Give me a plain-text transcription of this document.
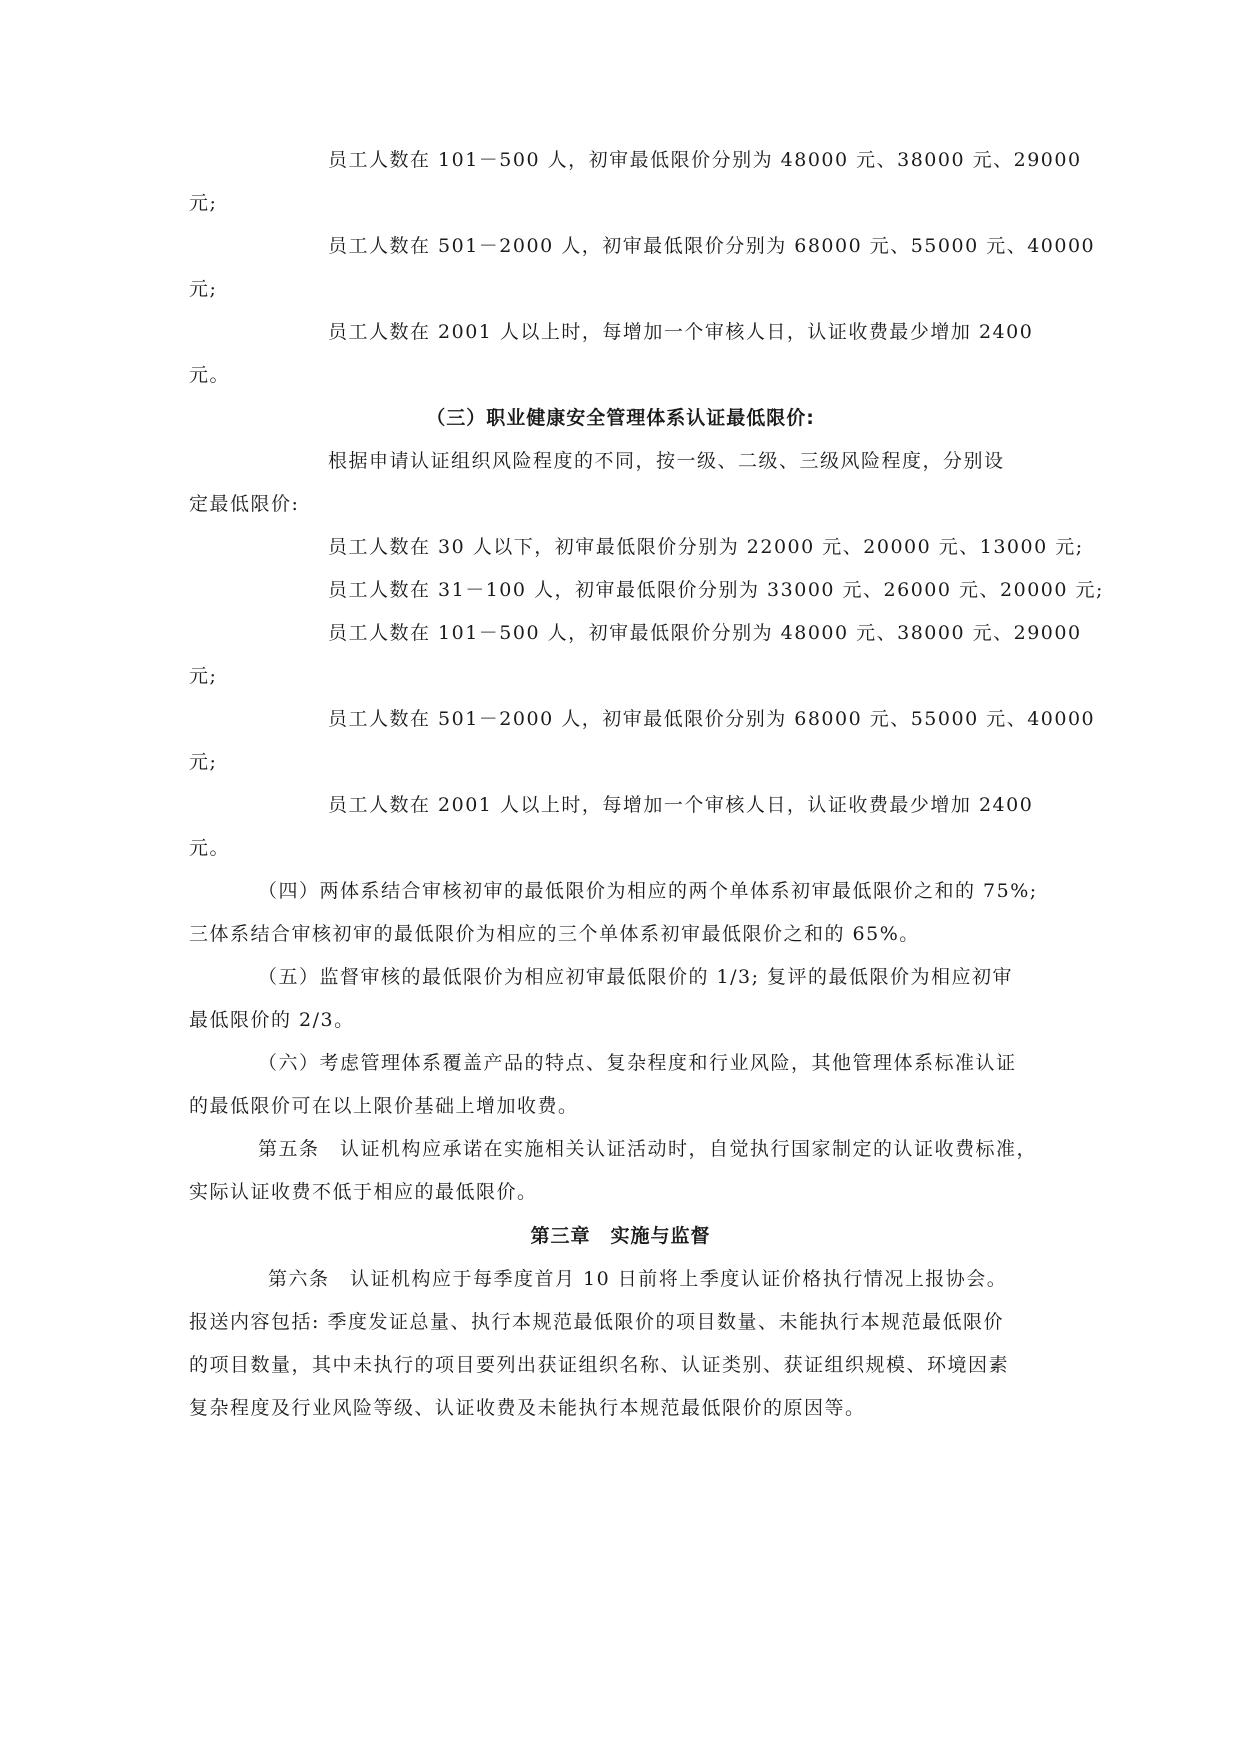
员工人数在 101－500 人，初审最低限价分别为 48000 元、38000 元、29000
元;
员工人数在 501－2000 人，初审最低限价分别为 68000 元、55000 元、40000
元;
员工人数在 2001 人以上时，每增加一个审核人日，认证收费最少增加 2400
元。
（三）职业健康安全管理体系认证最低限价:
根据申请认证组织风险程度的不同，按一级、二级、三级风险程度，分别设
定最低限价:
员工人数在 30 人以下，初审最低限价分别为 22000 元、20000 元、13000 元;
员工人数在 31－100 人，初审最低限价分别为 33000 元、26000 元、20000 元;
员工人数在 101－500 人，初审最低限价分别为 48000 元、38000 元、29000
元;
员工人数在 501－2000 人，初审最低限价分别为 68000 元、55000 元、40000
元;
员工人数在 2001 人以上时，每增加一个审核人日，认证收费最少增加 2400
元。
（四）两体系结合审核初审的最低限价为相应的两个单体系初审最低限价之和的 75%;
三体系结合审核初审的最低限价为相应的三个单体系初审最低限价之和的 65%。
（五）监督审核的最低限价为相应初审最低限价的 1/3; 复评的最低限价为相应初审
最低限价的 2/3。
（六）考虑管理体系覆盖产品的特点、复杂程度和行业风险，其他管理体系标准认证
的最低限价可在以上限价基础上增加收费。
第五条　认证机构应承诺在实施相关认证活动时，自觉执行国家制定的认证收费标准，
实际认证收费不低于相应的最低限价。
第三章　实施与监督
第六条　认证机构应于每季度首月 10 日前将上季度认证价格执行情况上报协会。
报送内容包括: 季度发证总量、执行本规范最低限价的项目数量、未能执行本规范最低限价
的项目数量，其中未执行的项目要列出获证组织名称、认证类别、获证组织规模、环境因素
复杂程度及行业风险等级、认证收费及未能执行本规范最低限价的原因等。
